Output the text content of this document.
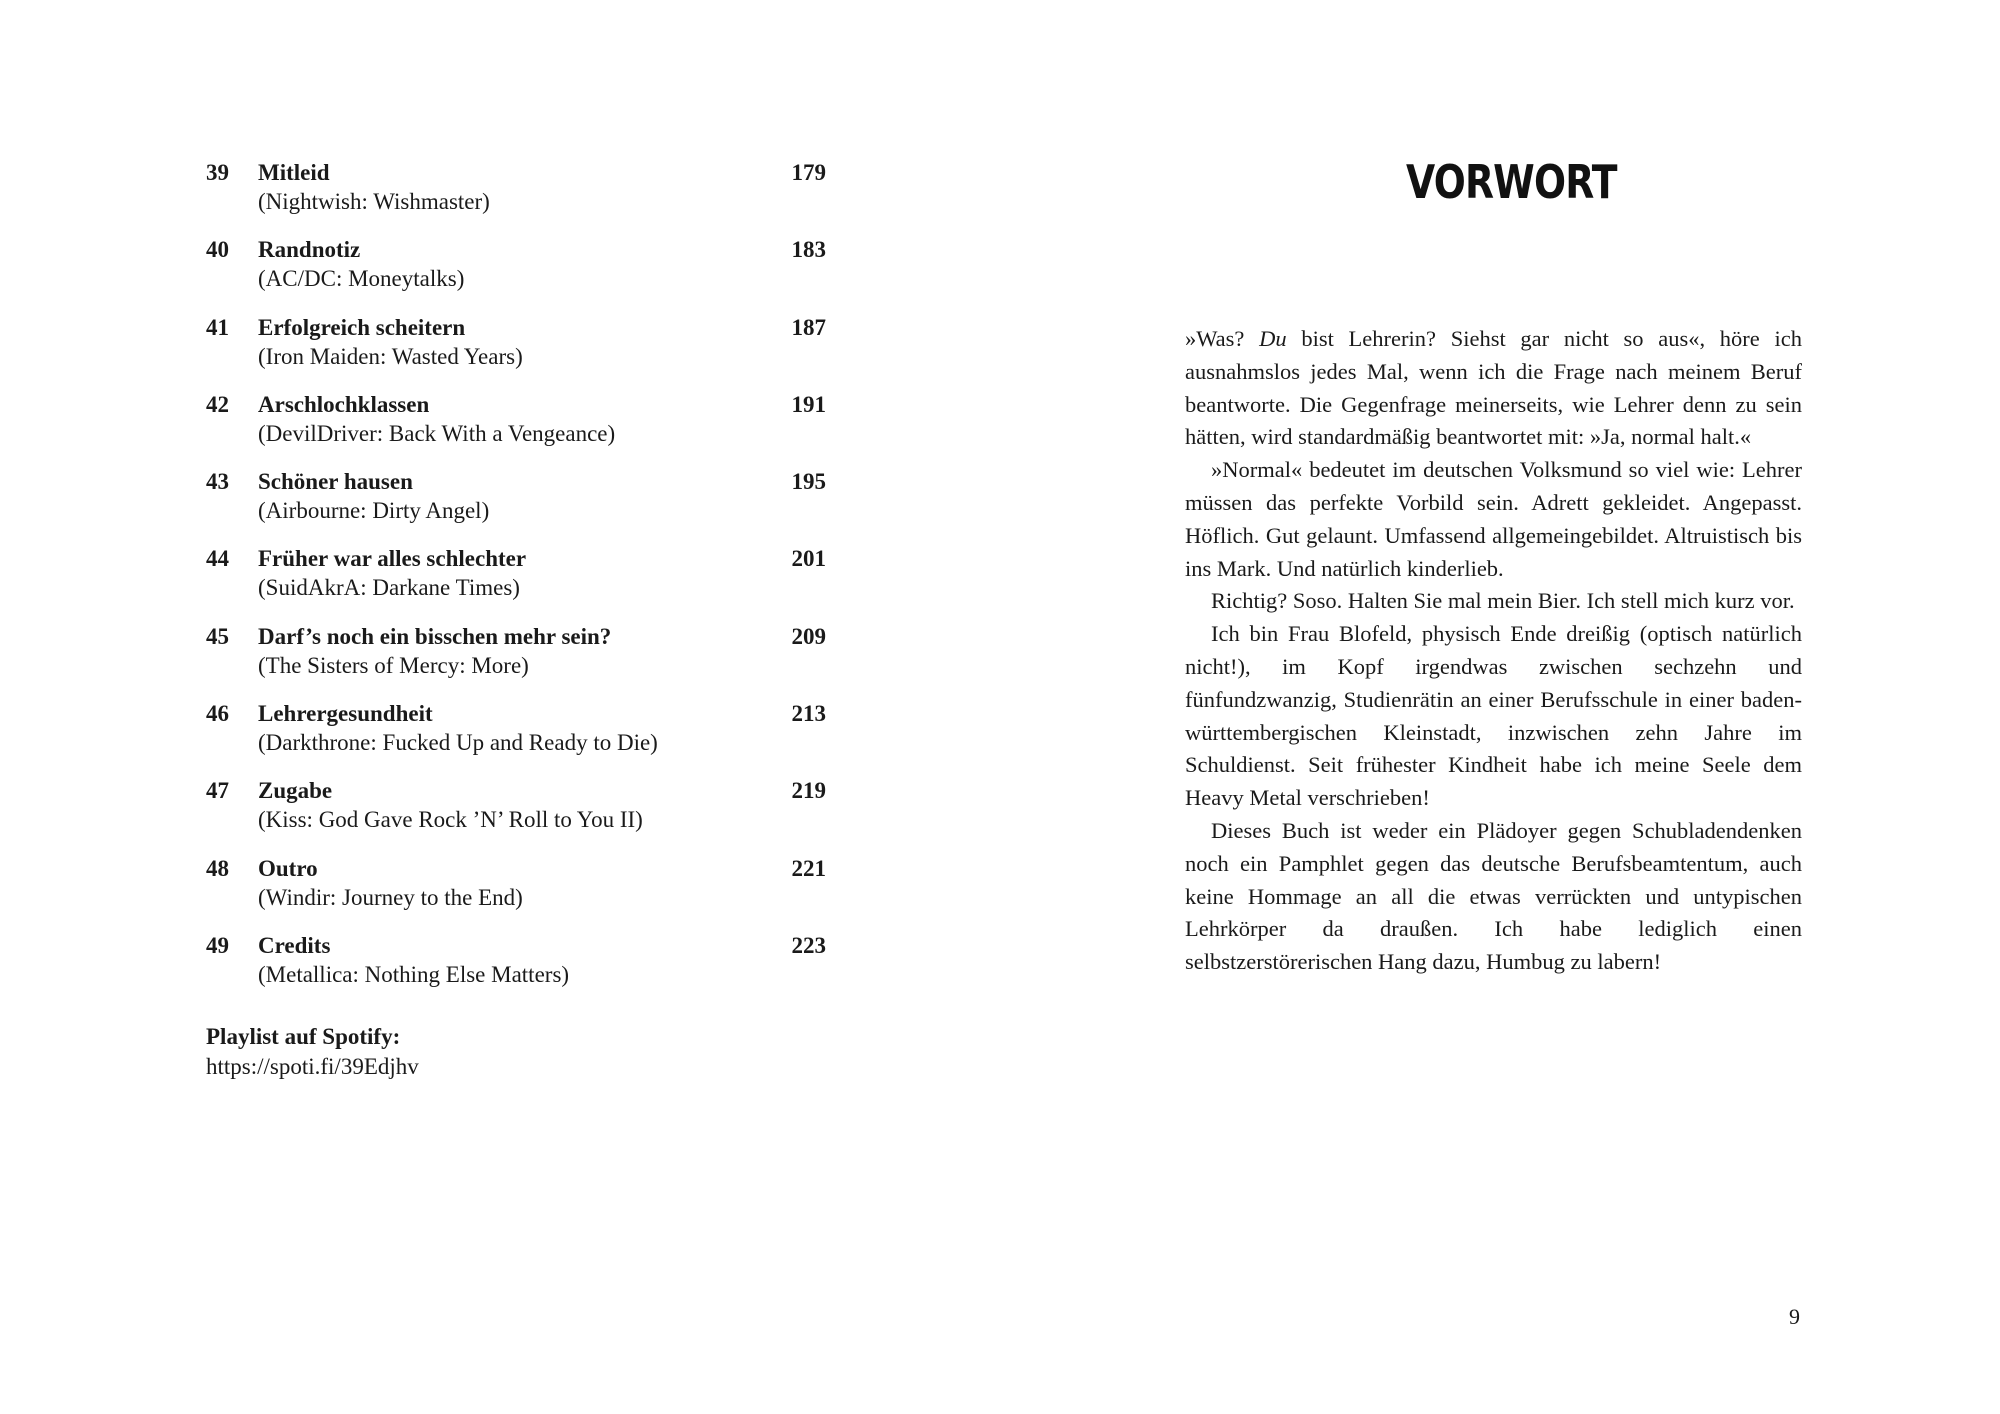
39 Mitleid
(Nightwish: Wishmaster)
179
40 Randnotiz
(AC/DC: Moneytalks)
183
41 Erfolgreich scheitern
(Iron Maiden: Wasted Years)
187
42 Arschlochklassen
(DevilDriver: Back With a Vengeance)
191
43 Schöner hausen
(Airbourne: Dirty Angel)
195
44 Früher war alles schlechter
(SuidAkrA: Darkane Times)
201
45 Darf’s noch ein bisschen mehr sein?
(The Sisters of Mercy: More)
209
46 Lehrergesundheit
(Darkthrone: Fucked Up and Ready to Die)
213
47 Zugabe
(Kiss: God Gave Rock ’N’ Roll to You II)
219
48 Outro
(Windir: Journey to the End)
221
49 Credits
(Metallica: Nothing Else Matters)
223
Playlist auf Spotify:
https://spoti.fi/39Edjhv
VORWORT

»Was? Du bist Lehrerin? Siehst gar nicht so aus«, höre ich ausnahmslos jedes Mal, wenn ich die Frage nach meinem Beruf beantworte. Die Gegenfrage meinerseits, wie Lehrer denn zu sein hätten, wird standardmäßig beantwortet mit: »Ja, normal halt.«

»Normal« bedeutet im deutschen Volksmund so viel wie: Lehrer müssen das perfekte Vorbild sein. Adrett gekleidet. Angepasst. Höflich. Gut gelaunt. Umfassend allgemeingebildet. Altruistisch bis ins Mark. Und natürlich kinderlieb.

Richtig? Soso. Halten Sie mal mein Bier. Ich stell mich kurz vor.

Ich bin Frau Blofeld, physisch Ende dreißig (optisch natürlich nicht!), im Kopf irgendwas zwischen sechzehn und fünfundzwanzig, Studienrätin an einer Berufsschule in einer baden-württembergischen Kleinstadt, inzwischen zehn Jahre im Schuldienst. Seit frühester Kindheit habe ich meine Seele dem Heavy Metal verschrieben!

Dieses Buch ist weder ein Plädoyer gegen Schubladendenken noch ein Pamphlet gegen das deutsche Berufsbeamtentum, auch keine Hommage an all die etwas verrückten und untypischen Lehrkörper da draußen. Ich habe lediglich einen selbstzerstörerischen Hang dazu, Humbug zu labern!

9
